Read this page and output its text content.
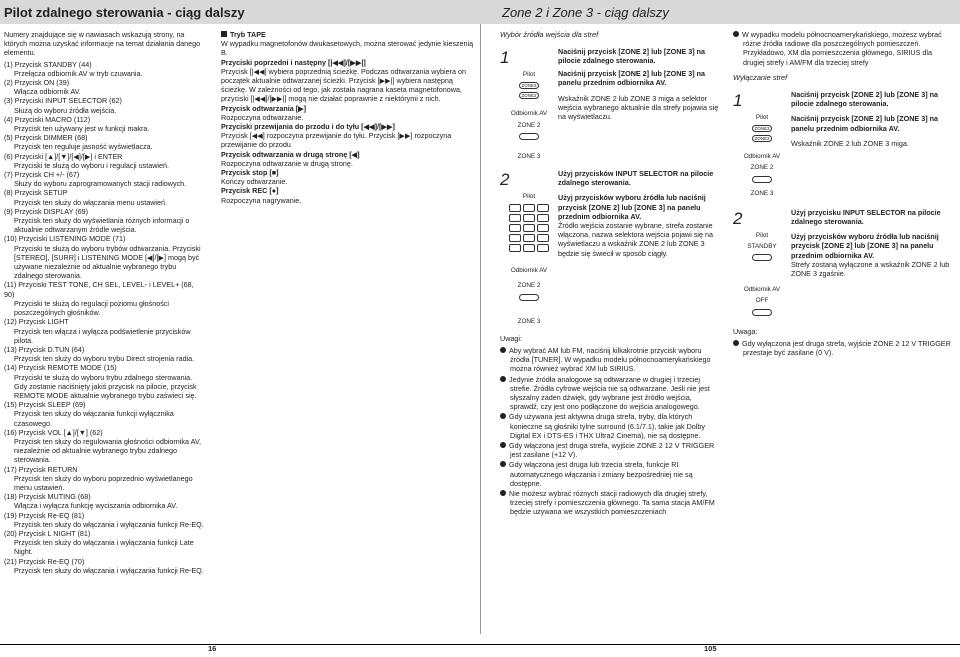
Pilot zdalnego sterowania - ciąg dalszy	Zone 2 i Zone 3 - ciąg dalszy

Numery znajdujące się w nawiasach wskazują strony, na których można uzyskać informacje na temat działania danego elementu.

(1) Przycisk STANDBY (44)

Przełącza odbiornik AV w tryb czuwania.

(2) Przycisk ON (39)

Włącza odbiornik AV.

(3) Przyciski INPUT SELECTOR (62)

Służą do wyboru źródła wejścia.

(4) Przyciski MACRO (112)

Przycisk ten używany jest w funkcji makra.

(5) Przycisk DIMMER (68)

Przycisk ten reguluje jasność wyświetlacza.

(6) Przyciski [▲]/[▼]/[◀]/[▶] i ENTER

Przyciski te służą do wyboru i regulacji ustawień.

(7) Przycisk CH +/- (67)

Służy do wyboru zaprogramowanych stacji radiowych.

(8) Przycisk SETUP

Przycisk ten służy do włączania menu ustawień.

(9) Przycisk DISPLAY (69)

Przycisk ten służy do wyświetlania różnych informacji o aktualnie odtwarzanym źródle wejścia.

(10) Przyciski LISTENING MODE (71)

Przyciski te służą do wyboru trybów odtwarzania. Przyciski [STEREO], [SURR] i LISTENING MODE [◀]/[▶] mogą być używane niezależnie od aktualnie wybranego trybu zdalnego sterowania.

(11) Przyciski TEST TONE, CH SEL, LEVEL- i LEVEL+ (68, 90)

Przyciski te służą do regulacji poziomu głośności poszczególnych głośników.

(12) Przycisk LIGHT

Przycisk ten włącza i wyłącza podświetlenie przycisków pilota.

(13) Przycisk D.TUN (64)

Przycisk ten służy do wyboru trybu Direct strojenia radia.

(14) Przycisk REMOTE MODE (15)

Przyciski te służą do wyboru trybu zdalnego sterowania. Gdy zostanie naciśnięty jakiś przycisk na pilocie, przycisk REMOTE MODE aktualnie wybranego trybu zaświeci się.

(15) Przycisk SLEEP (69)

Przycisk ten służy do włączania funkcji wyłącznika czasowego.

(16) Przycisk VOL [▲]/[▼] (62)

Przycisk ten służy do regulowania głośności odbiornika AV, niezależnie od aktualnie wybranego trybu zdalnego sterowania.

(17) Przycisk RETURN

Przycisk ten służy do wyboru poprzednio wyświetlanego menu ustawień.

(18) Przycisk MUTING (68)

Włącza i wyłącza funkcję wyciszania odbiornika AV.

(19) Przycisk Re-EQ (81)

Przycisk ten służy do włączania i wyłączania funkcji Re-EQ.

(20) Przycisk L NIGHT (81)

Przycisk ten służy do włączania i wyłączania funkcji Late Night.

(21) Przycisk Re-EQ (70)

Przycisk ten służy do włączania i wyłączania funkcji Re-EQ.

Tryb TAPE

W wypadku magnetofonów dwukasetowych, można sterować jedynie kieszenią B.

Przyciski poprzedni i następny [|◀◀]/[▶▶|]

Przycisk [|◀◀] wybiera poprzednią ścieżkę. Podczas odtwarzania wybiera on początek aktualnie odtwarzanej ścieżki. Przycisk [▶▶|] wybiera następną ścieżkę. W zależności od tego, jak została nagrana kaseta magnetofonowa, przyciski [|◀◀]/[▶▶|] mogą nie działać poprawnie z niektórymi z nich.

Przycisk odtwarzania [▶]

Rozpoczyna odtwarzanie.

Przyciski przewijania do przodu i do tyłu [◀◀]/[▶▶]

Przycisk [◀◀] rozpoczyna przewijanie do tyłu. Przycisk [▶▶] rozpoczyna przewijanie do przodu

Przycisk odtwarzania w drugą stronę [◀]

Rozpoczyna odtwarzanie w drugą stronę.

Przycisk stop [■]

Kończy odtwarzanie.

Przycisk REC [●]

Rozpoczyna nagrywanie.

Wybór źródła wejścia dla stref

1
Pilot
ZONE3
ZONE2
Odbiornik AV
ZONE 2
ZONE 3

Naciśnij przycisk [ZONE 2] lub [ZONE 3] na pilocie zdalnego sterowania.

Naciśnij przycisk [ZONE 2] lub [ZONE 3] na panelu przednim odbiornika AV.

Wskaźnik ZONE 2 lub ZONE 3 miga a selektor wejścia wybranego aktualnie dla strefy pojawia się na wyświetlaczu.

2
Pilot
Odbiornik AV
ZONE 2
ZONE 3

Użyj przycisków INPUT SELECTOR na pilocie zdalnego sterowania.

Użyj przycisków wyboru źródła lub naciśnij przycisk [ZONE 2] lub [ZONE 3] na panelu przednim odbiornika AV.

Źródło wejścia zostanie wybrane, strefa zostanie włączona, nazwa selektora wejścia pojawi się na wyświetlaczu a wskaźnik ZONE 2 lub ZONE 3 będzie się świecił w sposób ciągły.

Uwagi:

Aby wybrać AM lub FM, naciśnij kilkakrotnie przycisk wyboru źródła [TUNER]. W wypadku modelu północnoamerykańskiego można również wybrać XM lub SIRIUS.

Jedynie źródła analogowe są odtwarzane w drugiej i trzeciej strefie. Źródła cyfrowe wejścia nie są odtwarzane. Jeśli nie jest słyszalny żaden dźwięk, gdy wybrane jest źródło wejścia, sprawdź, czy jest ono podłączone do wejścia analogowego.

Gdy używana jest aktywna druga strefa, tryby, dla których konieczne są głośniki tylne surround (6.1/7.1), takie jak Dolby Digital EX i DTS-ES i THX Ultra2 Cinema), nie są dostępne.

Gdy włączona jest druga strefa, wyjście ZONE 2 12 V TRIGGER jest zasilane (+12 V).

Gdy włączona jest druga lub trzecia strefa, funkcje RI automatycznego włączania i zmiany bezpośredniej nie są dostępne.

Nie możesz wybrać różnych stacji radiowych dla drugiej strefy, trzeciej strefy i pomieszczenia głównego. Ta sama stacja AM/FM będzie używana we wszystkich pomieszczeniach

W wypadku modelu północnoamerykańskiego, możesz wybrać różne źródła radiowe dla poszczególnych pomieszczeń. Przykładowo, XM dla pomieszczenia głównego, SIRIUS dla drugiej strefy i AM/FM dla trzeciej strefy

Wyłączanie stref

1
Pilot
ZONE3
ZONE2
Odbiornik AV
ZONE 2
ZONE 3

Naciśnij przycisk [ZONE 2] lub [ZONE 3] na pilocie zdalnego sterowania.

Naciśnij przycisk [ZONE 2] lub [ZONE 3] na panelu przednim odbiornika AV.

Wskaźnik ZONE 2 lub ZONE 3 miga.

2
Pilot
STANDBY
Odbiornik AV
OFF

Użyj przycisku INPUT SELECTOR na pilocie zdalnego sterowania.

Użyj przycisków wyboru źródła lub naciśnij przycisk [ZONE 2] lub [ZONE 3] na panelu przednim odbiornika AV.

Strefy zostaną wyłączone a wskaźnik ZONE 2 lub ZONE 3 zgaśnie.

Uwaga:

Gdy wyłączona jest druga strefa, wyjście ZONE 2 12 V TRIGGER przestaje być zasilane (0 V).

16	105
